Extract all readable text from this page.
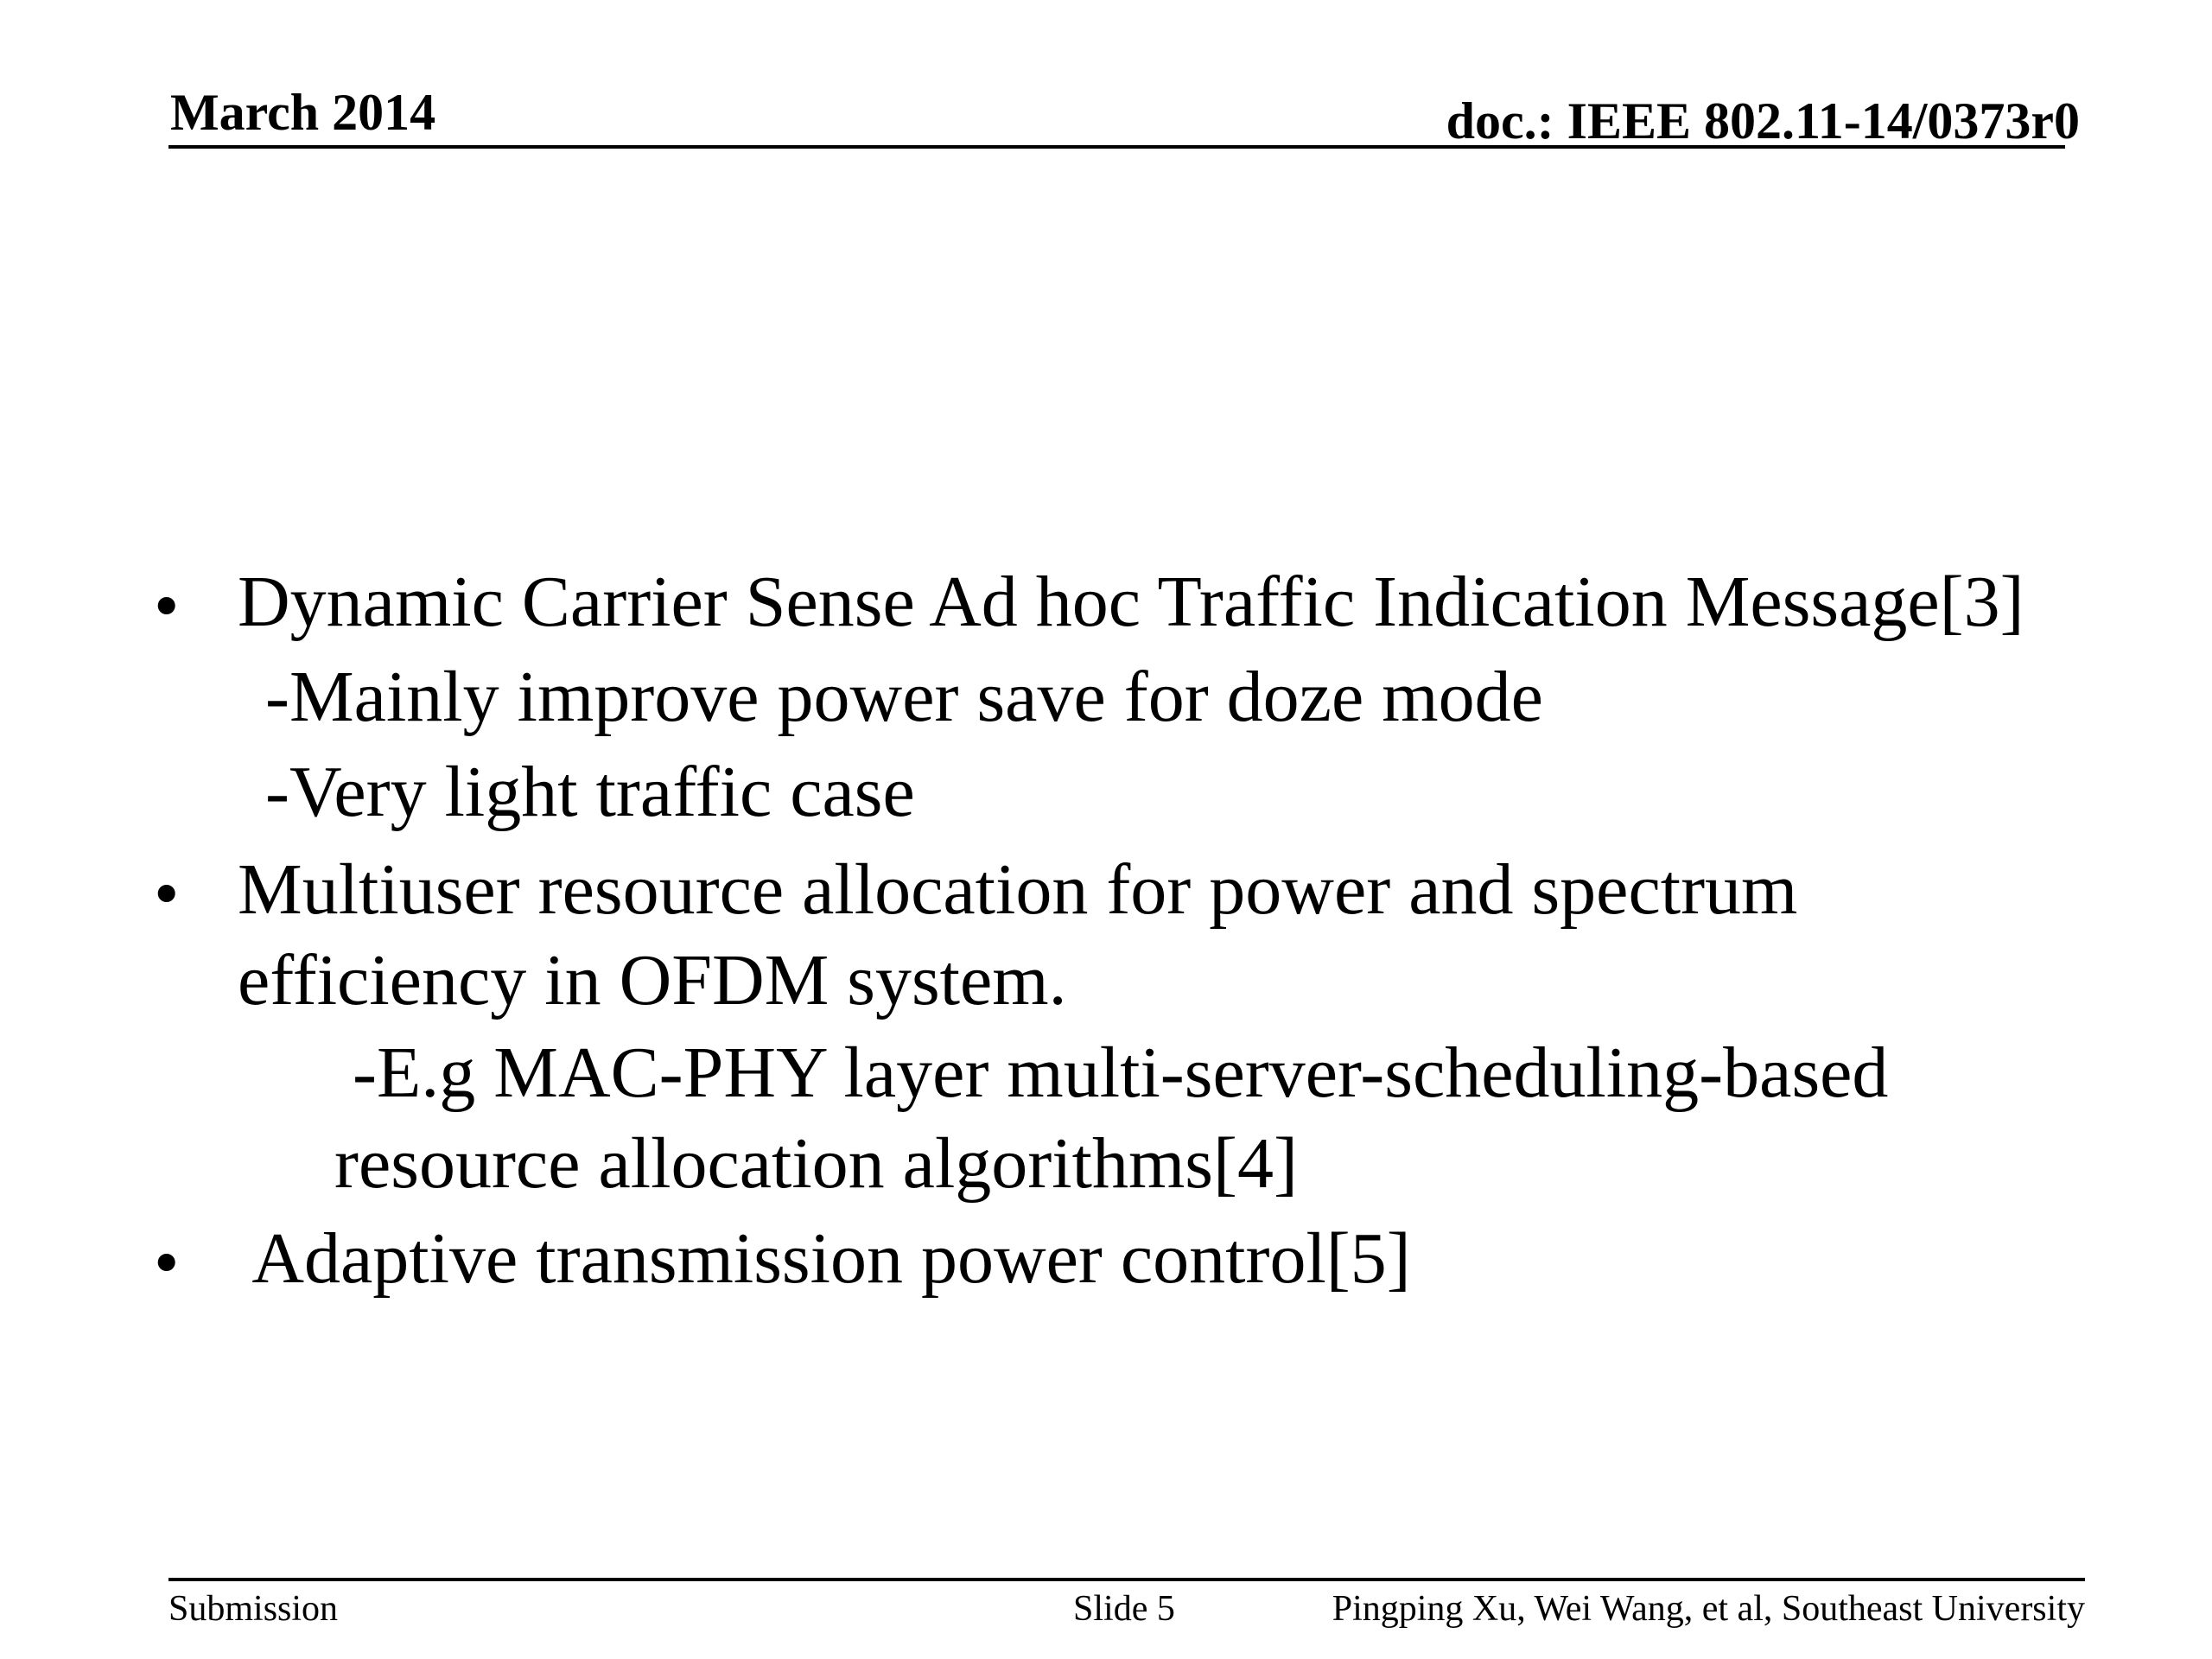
March 2014	doc.: IEEE 802.11-14/0373r0
• Dynamic Carrier Sense Ad hoc Traffic Indication Message[3]
-Mainly improve power save for doze mode
-Very light traffic case
• Multiuser resource allocation for power and spectrum
efficiency in OFDM system.
-E.g MAC-PHY layer multi-server-scheduling-based
resource allocation algorithms[4]
• Adaptive transmission power control[5]
Submission	Slide 5	Pingping Xu, Wei Wang, et al, Southeast University
